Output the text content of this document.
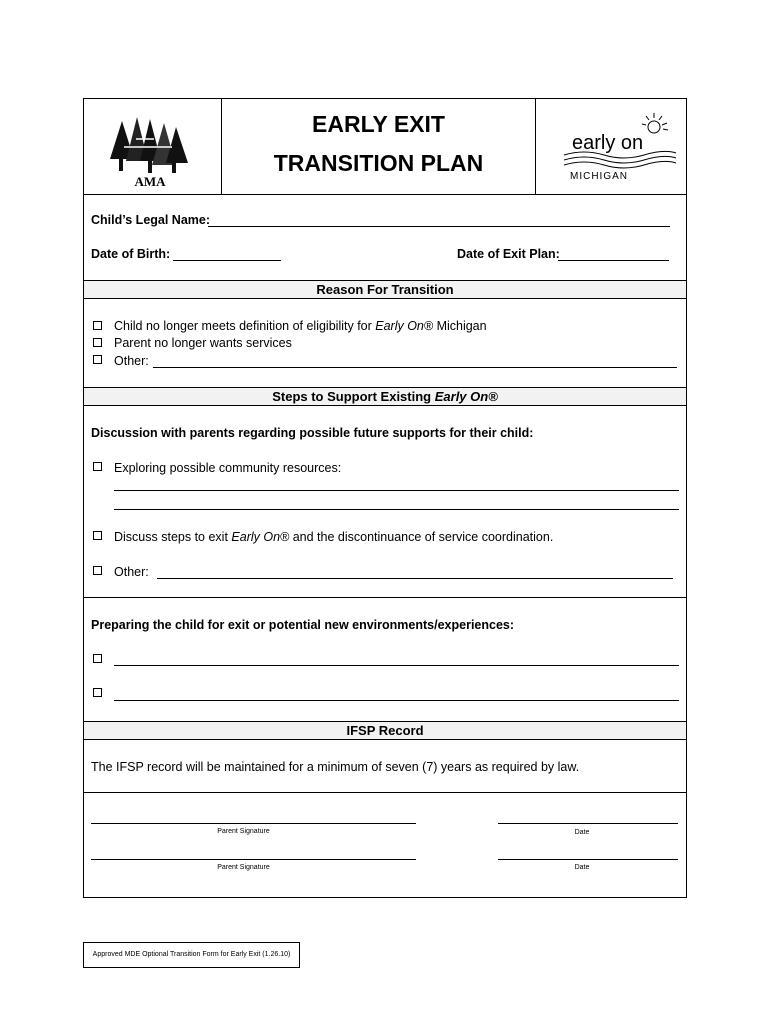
AMA
EARLY EXIT
TRANSITION PLAN
early on
MICHIGAN
Child’s Legal Name:
Date of Birth:	Date of Exit Plan:
Reason For Transition
Child no longer meets definition of eligibility for Early On® Michigan
Parent no longer wants services
Other:
Steps to Support Existing Early On®
Discussion with parents regarding possible future supports for their child:
Exploring possible community resources:
Discuss steps to exit Early On® and the discontinuance of service coordination.
Other:
Preparing the child for exit or potential new environments/experiences:
IFSP Record
The IFSP record will be maintained for a minimum of seven (7) years as required by law.
Parent Signature	Date
Parent Signature	Date
Approved MDE Optional Transition Form for Early Exit (1.26.10)
